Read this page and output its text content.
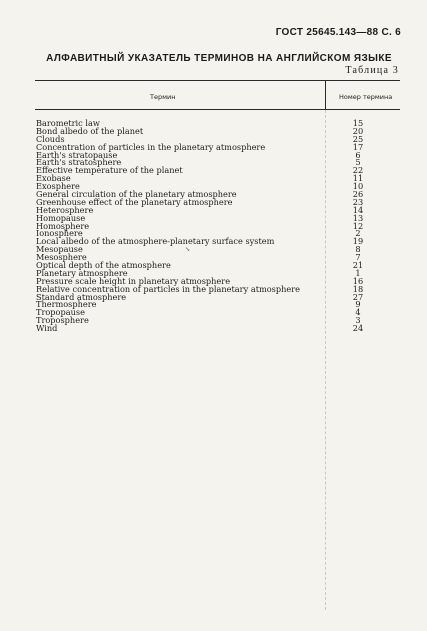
ГОСТ 25645.143—88 С. 6
АЛФАВИТНЫЙ УКАЗАТЕЛЬ ТЕРМИНОВ НА АНГЛИЙСКОМ ЯЗЫКЕ
Таблица 3
Термин	Номер термина
Barometric law	15
Bond albedo of the planet	20
Clouds	25
Concentration of particles in the planetary atmosphere	17
Earth's stratopause	6
Earth's stratosphere	5
Effective temperature of the planet	22
Exobase	11
Exosphere	10
General circulation of the planetary atmosphere	26
Greenhouse effect of the planetary atmosphere	23
Heterosphere	14
Homopause	13
Homosphere	12
Ionosphere	2
Local albedo of the atmosphere-planetary surface system	19
Mesopause	8
Mesosphere	7
Optical depth of the atmosphere	21
Planetary atmosphere	1
Pressure scale height in planetary atmosphere	16
Relative concentration of particles in the planetary atmosphere	18
Standard atmosphere	27
Thermosphere	9
Tropopause	4
Troposphere	3
Wind	24
↘
